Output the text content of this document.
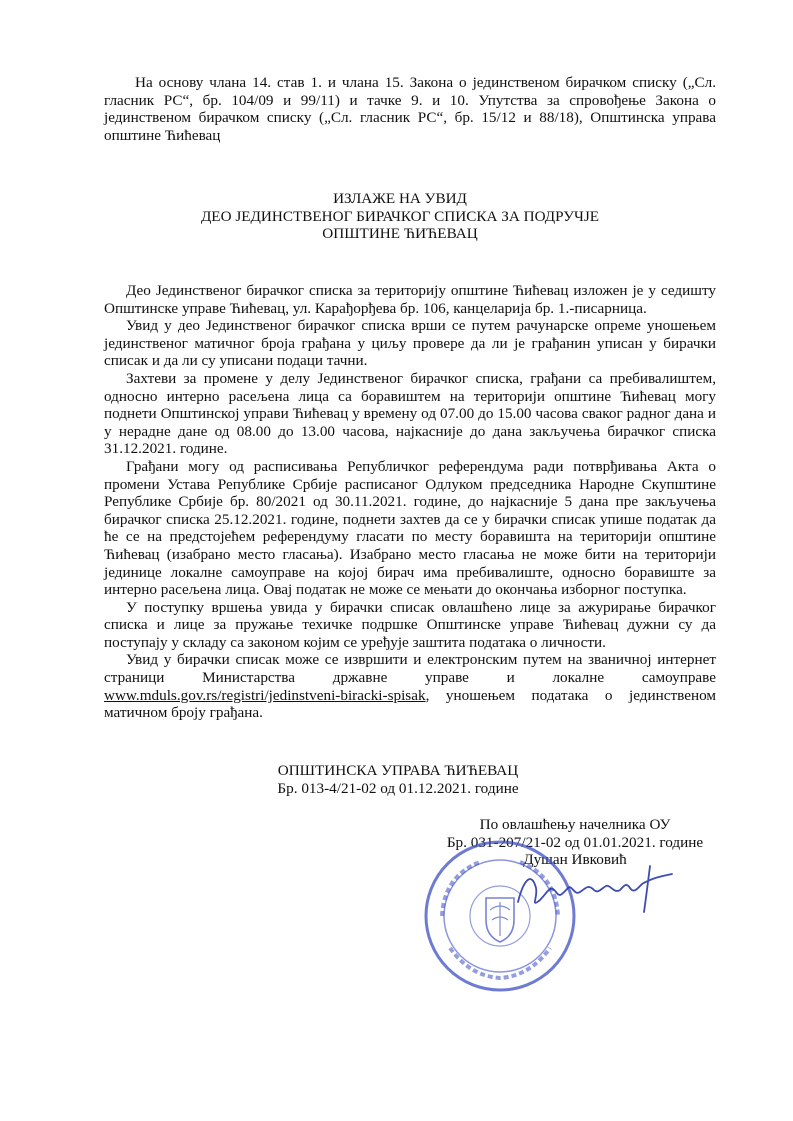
На основу члана 14. став 1. и члана 15. Закона о јединственом бирачком списку („Сл. гласник РС“, бр. 104/09 и 99/11) и тачке 9. и 10. Упутства за спровођење Закона о јединственом бирачком списку („Сл. гласник РС“, бр. 15/12 и 88/18), Општинска управа општине Ћићевац
ИЗЛАЖЕ НА УВИД
ДЕО ЈЕДИНСТВЕНОГ БИРАЧКОГ СПИСКА ЗА ПОДРУЧЈЕ
ОПШТИНЕ ЋИЋЕВАЦ

Део Јединственог бирачког списка за територију општине Ћићевац изложен је у седишту Општинске управе Ћићевац, ул. Карађорђева бр. 106, канцеларија бр. 1.-писарница.

Увид у део Јединственог бирачког списка врши се путем рачунарске опреме уношењем јединственог матичног броја грађана у циљу провере да ли је грађанин уписан у бирачки списак и да ли су уписани подаци тачни.

Захтеви за промене у делу Јединственог бирачког списка, грађани са пребивалиштем, односно интерно расељена лица са боравиштем на територији општине Ћићевац могу поднети Општинској управи Ћићевац у времену од 07.00 до 15.00 часова сваког радног дана и у нерадне дане од 08.00 до 13.00 часова, најкасније до дана закључења бирачког списка 31.12.2021. године.

Грађани могу од расписивања Републичког референдума ради потврђивања Акта о промени Устава Републике Србије расписаног Одлуком председника Народне Скупштине Републике Србије бр. 80/2021 од 30.11.2021. године, до најкасније 5 дана пре закључења бирачког списка 25.12.2021. године, поднети захтев да се у бирачки списак упише податак да ће се на предстојећем референдуму гласати по месту боравишта на територији општине Ћићевац (изабрано место гласања). Изабрано место гласања не може бити на територији јединице локалне самоуправе на којој бирач има пребивалиште, односно боравиште за интерно расељена лица. Овај податак не може се мењати до окончања изборног поступка.

У поступку вршења увида у бирачки списак овлашћено лице за ажурирање бирачког списка и лице за пружање техичке подршке Општинске управе Ћићевац дужни су да поступају у складу са законом којим се уређује заштита података о личности.

Увид у бирачки списак може се извршити и електронским путем на званичној интернет страници Министарства државне управе и локалне самоуправе www.mduls.gov.rs/registri/jedinstveni-biracki-spisak, уношењем података о јединственом матичном броју грађана.

ОПШТИНСКА УПРАВА ЋИЋЕВАЦ
Бр. 013-4/21-02 од 01.12.2021. године
По овлашћењу начелника ОУ
Бр. 031-207/21-02 од 01.01.2021. године
Душан Ивковић
